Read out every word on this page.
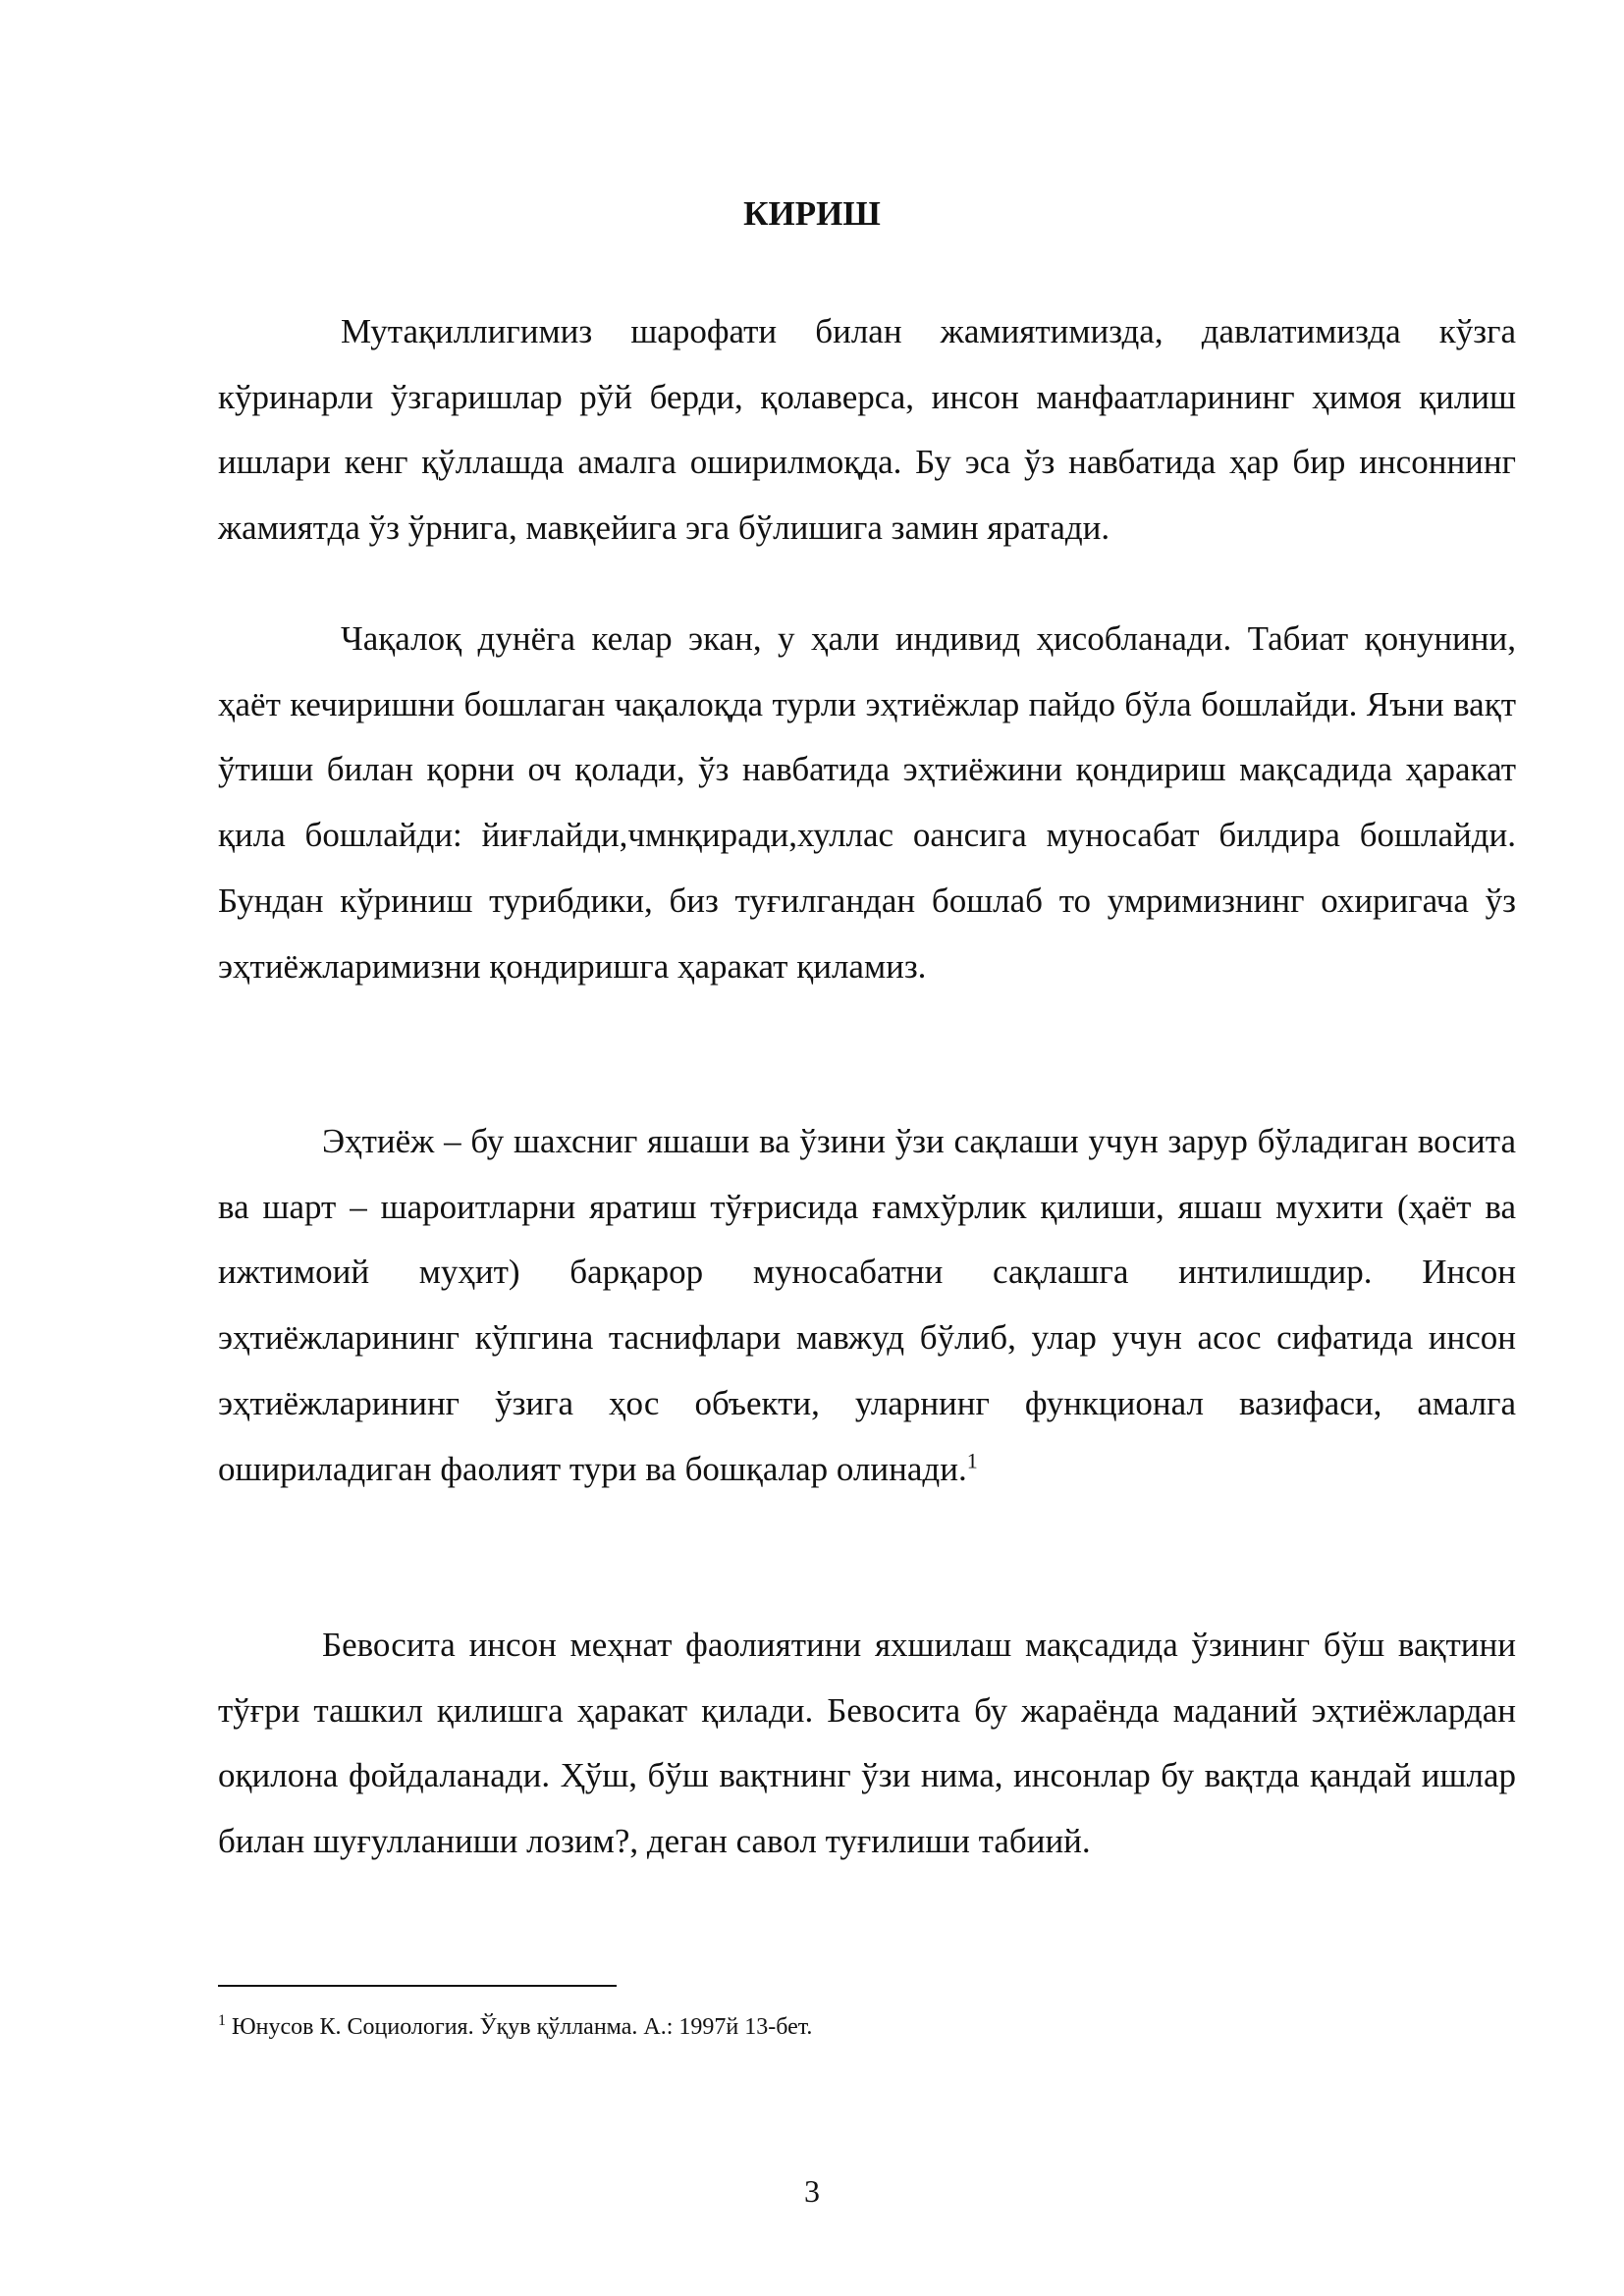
КИРИШ

Мутақиллигимиз шарофати билан жамиятимизда, давлатимизда кўзга кўринарли ўзгаришлар рўй берди, қолаверса, инсон манфаатларининг ҳимоя қилиш ишлари кенг қўллашда амалга оширилмоқда. Бу эса ўз навбатида ҳар бир инсоннинг жамиятда ўз ўрнига, мавқейига эга бўлишига замин яратади.

Чақалоқ дунёга келар экан, у ҳали индивид ҳисобланади. Табиат қонунини, ҳаёт кечиришни бошлаган чақалоқда турли эҳтиёжлар пайдо бўла бошлайди. Яъни вақт ўтиши билан қорни оч қолади, ўз навбатида эҳтиёжини қондириш мақсадида ҳаракат қила бошлайди: йиғлайди,чмнқиради,хуллас оансига муносабат билдира бошлайди. Бундан кўриниш турибдики, биз туғилгандан бошлаб то умримизнинг охиригача ўз эҳтиёжларимизни қондиришга ҳаракат қиламиз.

Эҳтиёж – бу шахсниг яшаши ва ўзини ўзи сақлаши учун зарур бўладиган восита ва шарт – шароитларни яратиш тўғрисида ғамхўрлик қилиши, яшаш мухити (ҳаёт ва ижтимоий муҳит) барқарор муносабатни сақлашга интилишдир. Инсон эҳтиёжларининг кўпгина таснифлари мавжуд бўлиб, улар учун асос сифатида инсон эҳтиёжларининг ўзига ҳос объекти, уларнинг функционал вазифаси, амалга ошириладиган фаолият тури ва бошқалар олинади.$^1$

Бевосита инсон меҳнат фаолиятини яхшилаш мақсадида ўзининг бўш вақтини тўғри ташкил қилишга ҳаракат қилади. Бевосита бу жараёнда маданий эҳтиёжлардан оқилона фойдаланади. Ҳўш, бўш вақтнинг ўзи нима, инсонлар бу вақтда қандай ишлар билан шуғулланиши лозим?, деган савол туғилиши табиий.

$^1$ Юнусов К. Социология. Ўқув қўлланма. А.: 1997й 13-бет.

3
